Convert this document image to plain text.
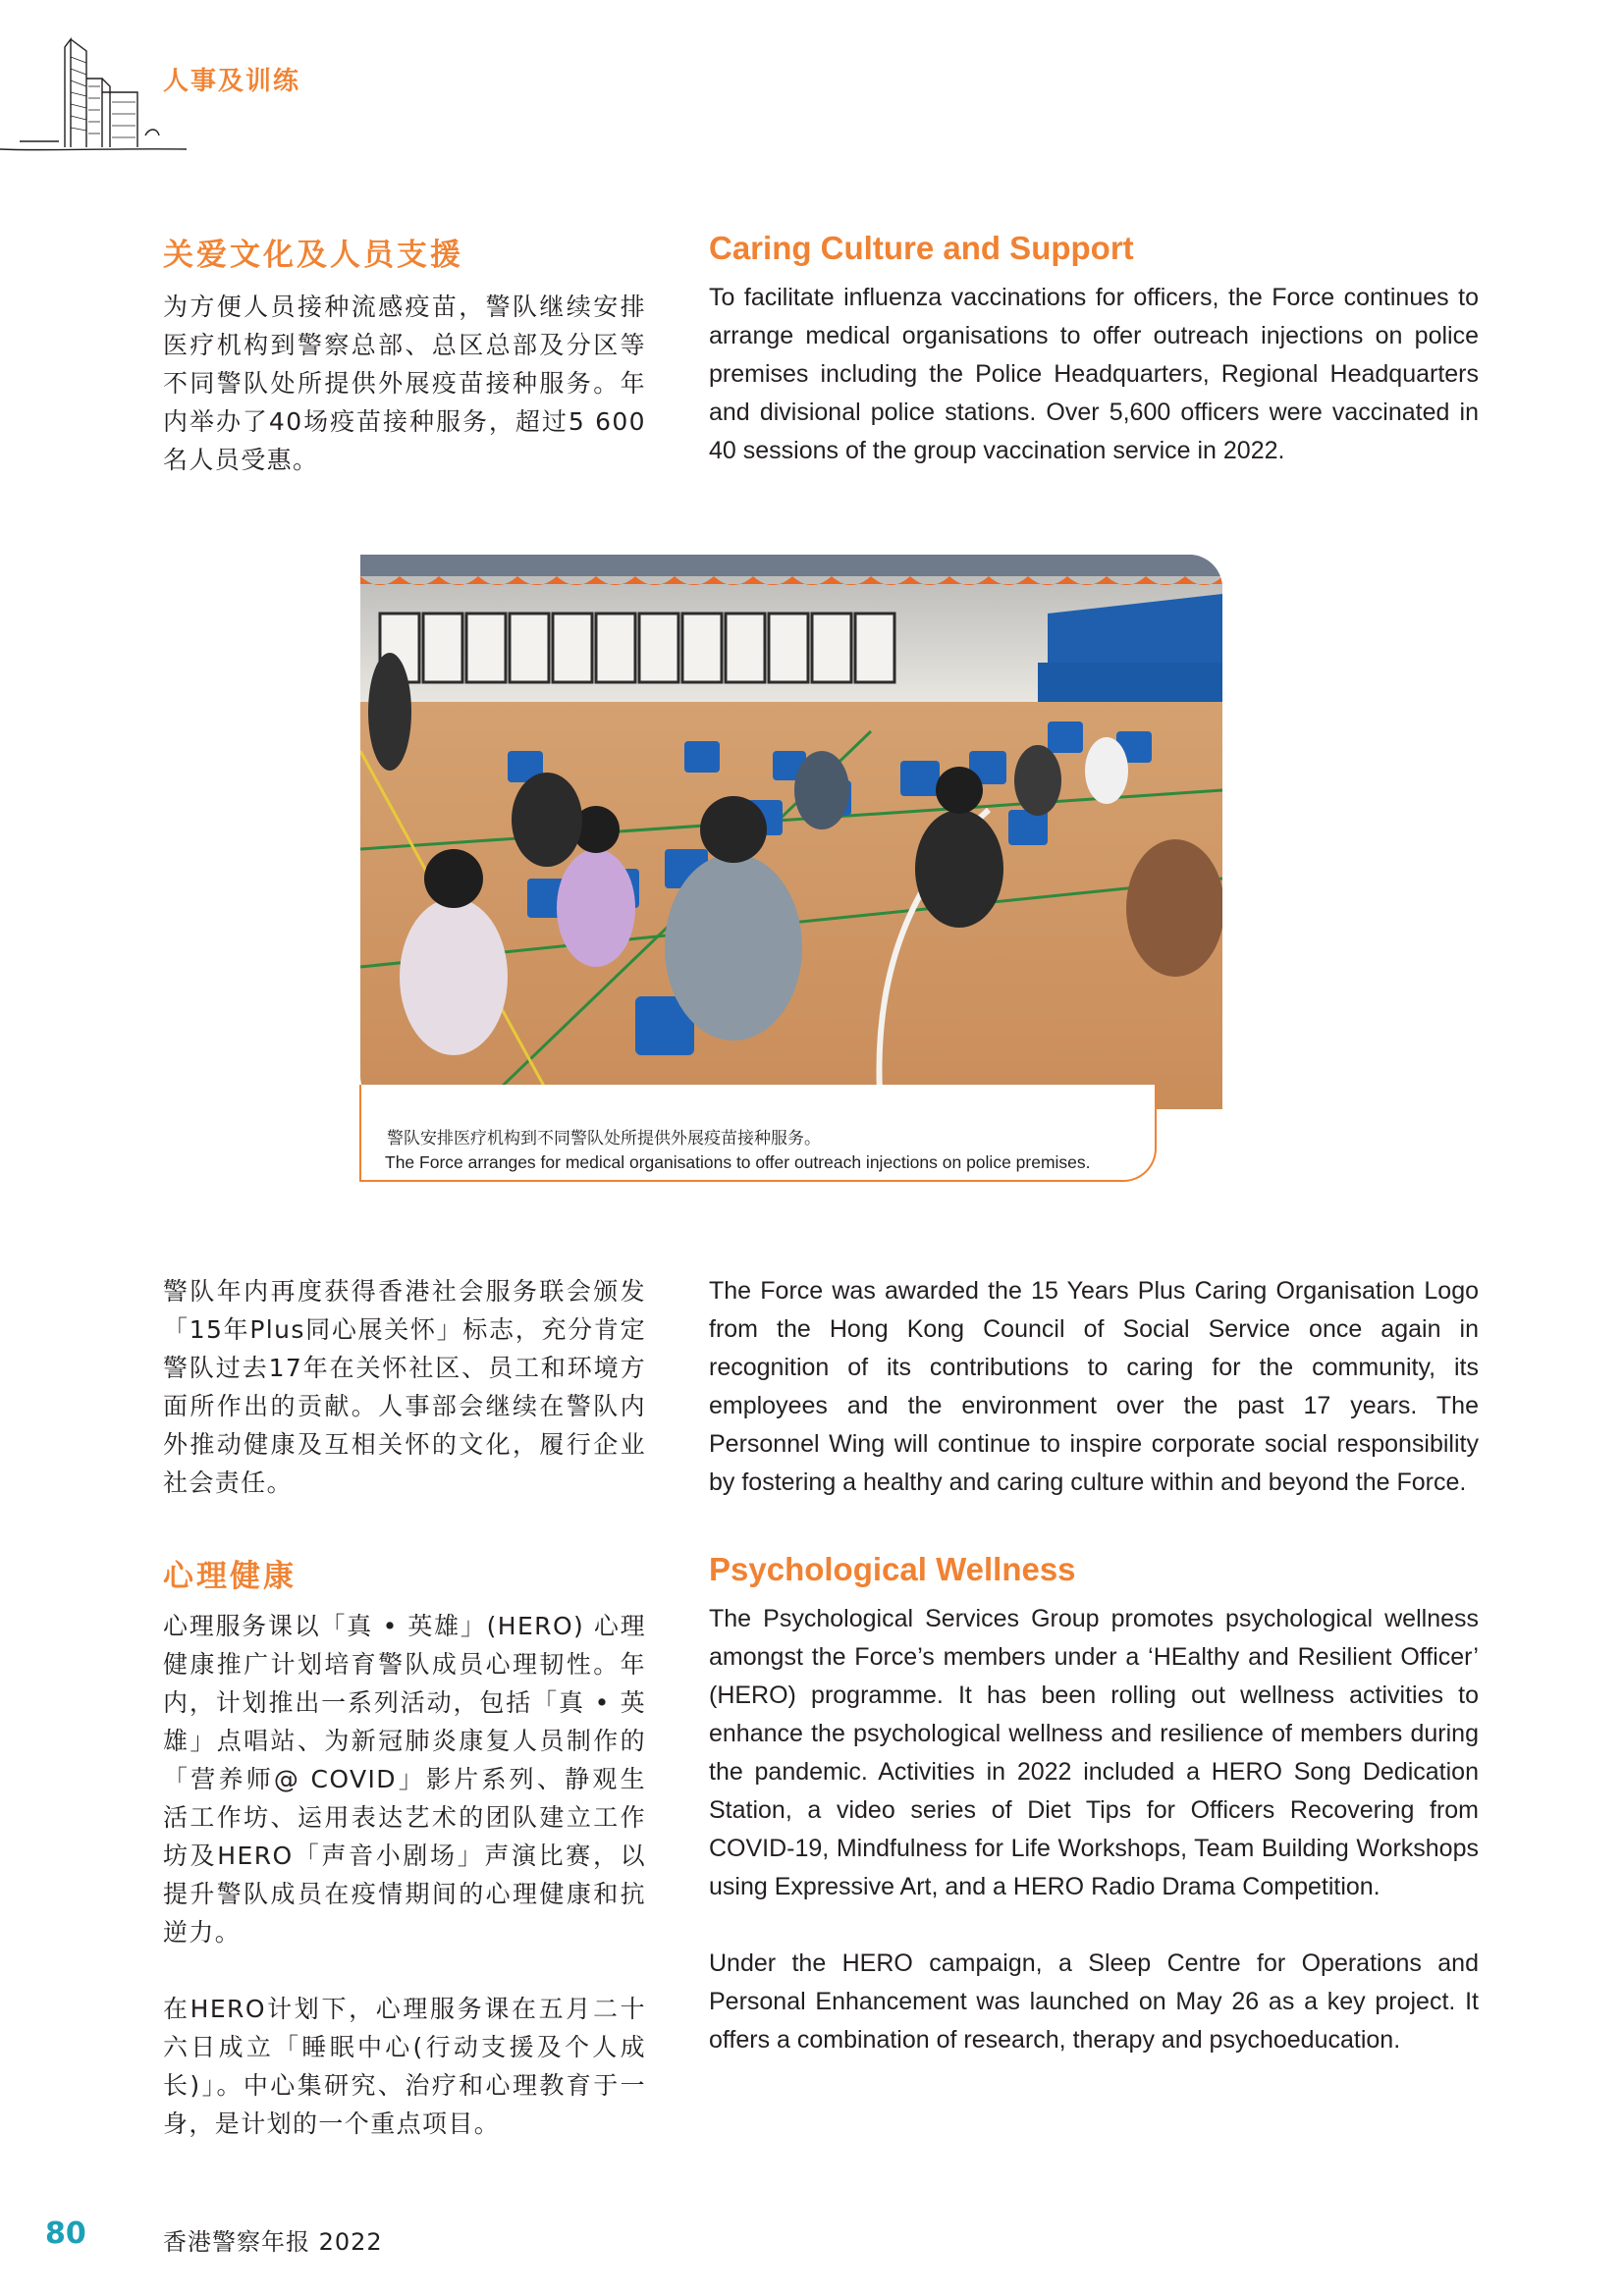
人事及训练
关爱文化及人员支援

为方便人员接种流感疫苗，警队继续安排医疗机构到警察总部、总区总部及分区等不同警队处所提供外展疫苗接种服务。年内举办了40场疫苗接种服务，超过5 600名人员受惠。

Caring Culture and Support

To facilitate influenza vaccinations for officers, the Force continues to arrange medical organisations to offer outreach injections on police premises including the Police Headquarters, Regional Headquarters and divisional police stations. Over 5,600 officers were vaccinated in 40 sessions of the group vaccination service in 2022.

警队安排医疗机构到不同警队处所提供外展疫苗接种服务。

The Force arranges for medical organisations to offer outreach injections on police premises.

警队年内再度获得香港社会服务联会颁发「15年Plus同心展关怀」标志，充分肯定警队过去17年在关怀社区、员工和环境方面所作出的贡献。人事部会继续在警队内外推动健康及互相关怀的文化，履行企业社会责任。

The Force was awarded the 15 Years Plus Caring Organisation Logo from the Hong Kong Council of Social Service once again in recognition of its contributions to caring for the community, its employees and the environment over the past 17 years. The Personnel Wing will continue to inspire corporate social responsibility by fostering a healthy and caring culture within and beyond the Force.

心理健康

心理服务课以「真 • 英雄」(HERO) 心理健康推广计划培育警队成员心理韧性。年内，计划推出一系列活动，包括「真 • 英雄」点唱站、为新冠肺炎康复人员制作的「营养师@ COVID」影片系列、静观生活工作坊、运用表达艺术的团队建立工作坊及HERO「声音小剧场」声演比赛，以提升警队成员在疫情期间的心理健康和抗逆力。

在HERO计划下，心理服务课在五月二十六日成立「睡眠中心(行动支援及个人成长)」。中心集研究、治疗和心理教育于一身，是计划的一个重点项目。

Psychological Wellness

The Psychological Services Group promotes psychological wellness amongst the Force’s members under a ‘HEalthy and Resilient Officer’ (HERO) programme. It has been rolling out wellness activities to enhance the psychological wellness and resilience of members during the pandemic. Activities in 2022 included a HERO Song Dedication Station, a video series of Diet Tips for Officers Recovering from COVID-19, Mindfulness for Life Workshops, Team Building Workshops using Expressive Art, and a HERO Radio Drama Competition.

Under the HERO campaign, a Sleep Centre for Operations and Personal Enhancement was launched on May 26 as a key project. It offers a combination of research, therapy and psychoeducation.

80	香港警察年报 2022
